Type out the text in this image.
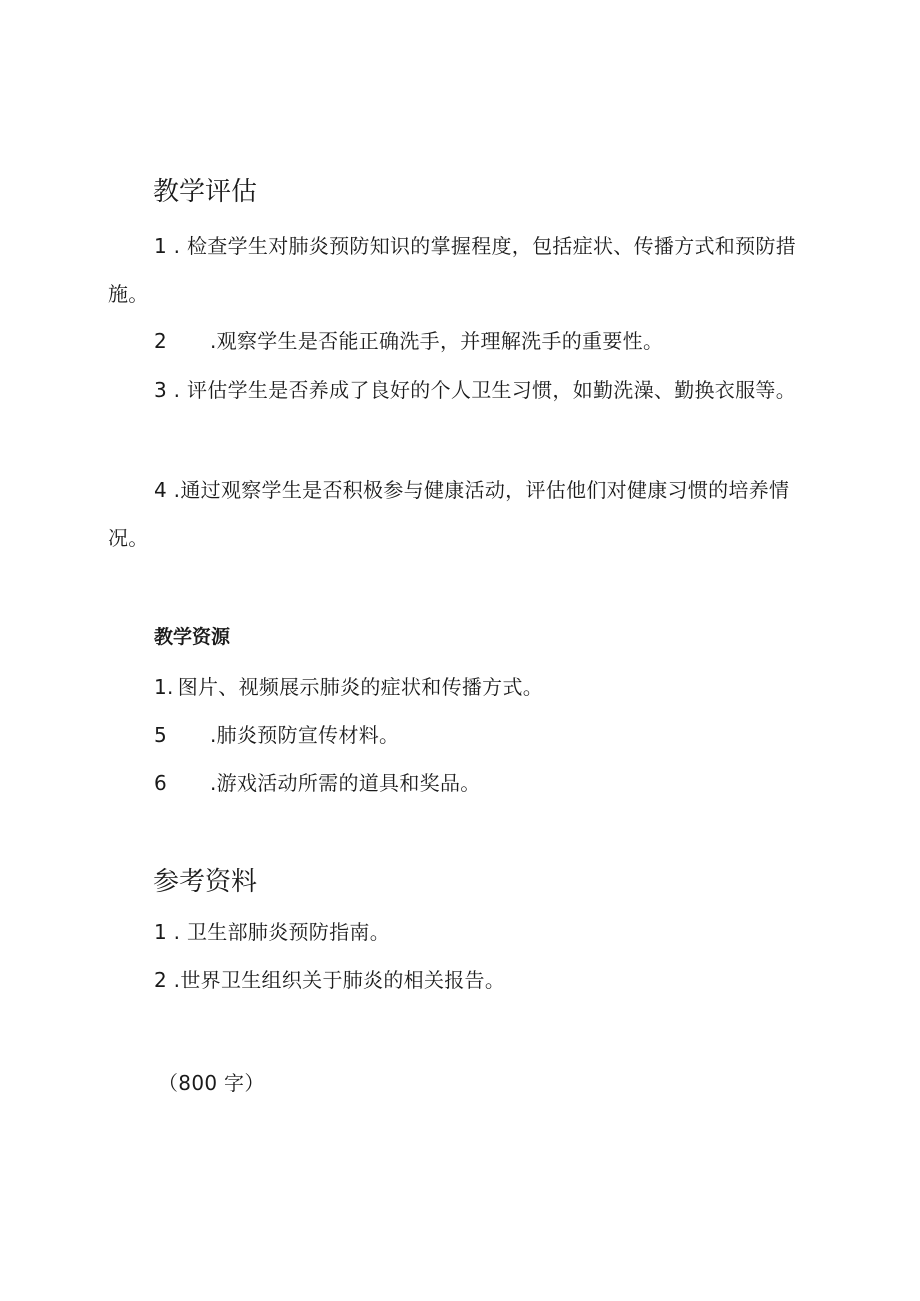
教学评估

1 . 检查学生对肺炎预防知识的掌握程度，包括症状、传播方式和预防措施。

2 .观察学生是否能正确洗手，并理解洗手的重要性。

3 . 评估学生是否养成了良好的个人卫生习惯，如勤洗澡、勤换衣服等。

4 .通过观察学生是否积极参与健康活动，评估他们对健康习惯的培养情况。

教学资源

1. 图片、视频展示肺炎的症状和传播方式。

5 .肺炎预防宣传材料。

6 .游戏活动所需的道具和奖品。

参考资料

1 . 卫生部肺炎预防指南。

2 .世界卫生组织关于肺炎的相关报告。

（800 字）
